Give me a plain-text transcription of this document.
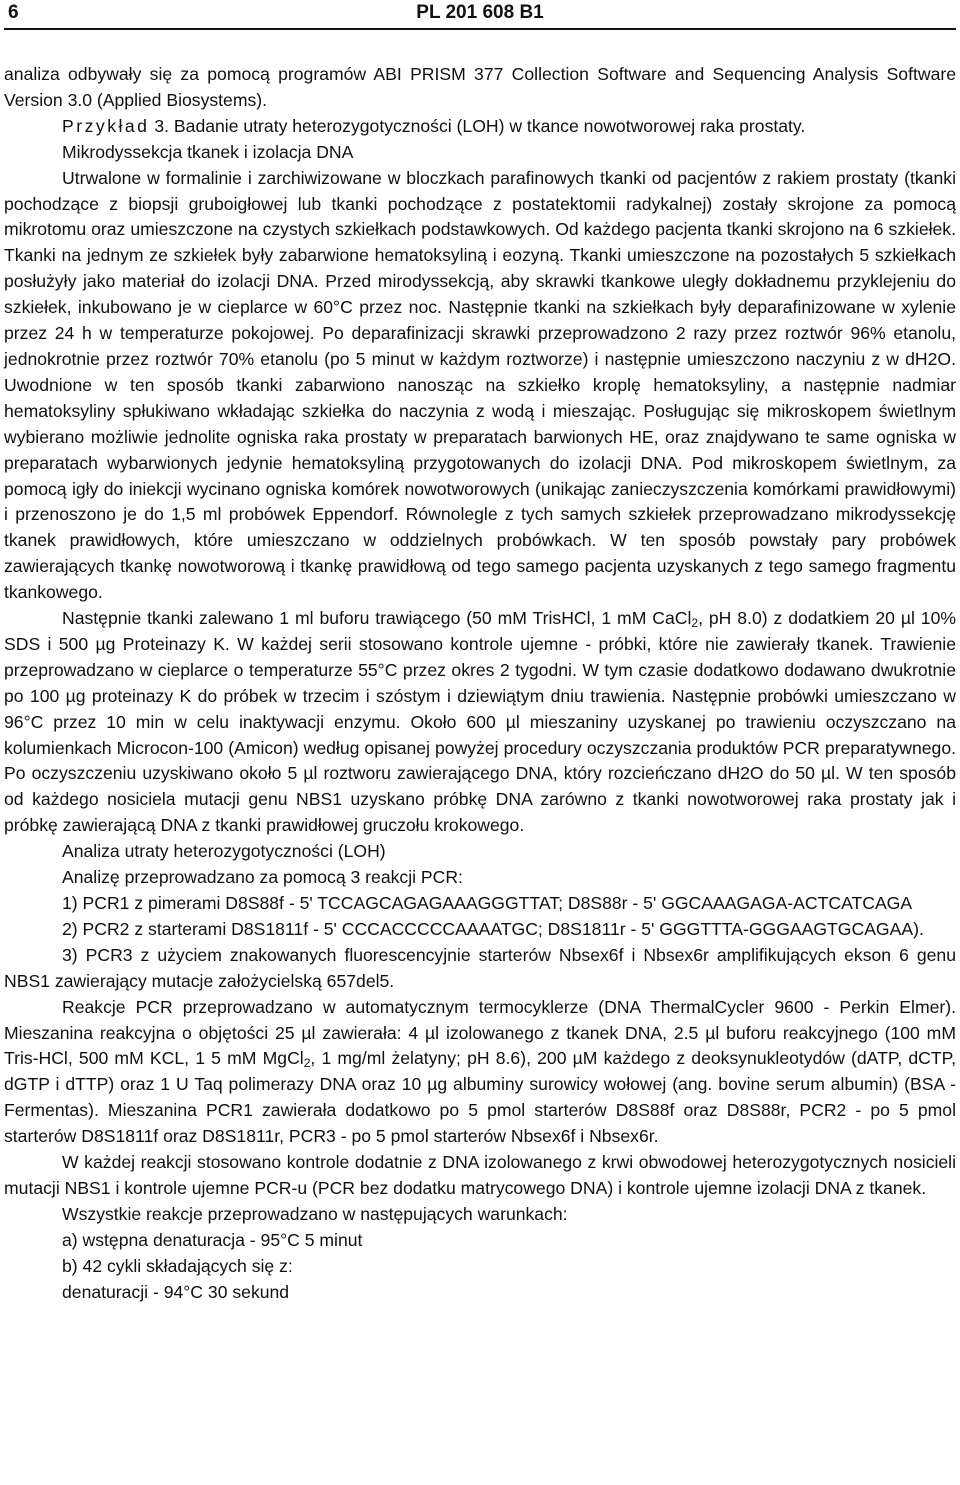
6	PL 201 608 B1

analiza odbywały się za pomocą programów ABI PRISM 377 Collection Software and Sequencing Analysis Software Version 3.0 (Applied Biosystems).

Przykład 3. Badanie utraty heterozygotyczności (LOH) w tkance nowotworowej raka prostaty.

Mikrodyssekcja tkanek i izolacja DNA

Utrwalone w formalinie i zarchiwizowane w bloczkach parafinowych tkanki od pacjentów z rakiem prostaty (tkanki pochodzące z biopsji gruboigłowej lub tkanki pochodzące z postatektomii radykalnej) zostały skrojone za pomocą mikrotomu oraz umieszczone na czystych szkiełkach podstawkowych. Od każdego pacjenta tkanki skrojono na 6 szkiełek. Tkanki na jednym ze szkiełek były zabarwione hematoksyliną i eozyną. Tkanki umieszczone na pozostałych 5 szkiełkach posłużyły jako materiał do izolacji DNA. Przed mirodyssekcją, aby skrawki tkankowe uległy dokładnemu przyklejeniu do szkiełek, inkubowano je w cieplarce w 60°C przez noc. Następnie tkanki na szkiełkach były deparafinizowane w xylenie przez 24 h w temperaturze pokojowej. Po deparafinizacji skrawki przeprowadzono 2 razy przez roztwór 96% etanolu, jednokrotnie przez roztwór 70% etanolu (po 5 minut w każdym roztworze) i następnie umieszczono naczyniu z w dH2O. Uwodnione w ten sposób tkanki zabarwiono nanosząc na szkiełko kroplę hematoksyliny, a następnie nadmiar hematoksyliny spłukiwano wkładając szkiełka do naczynia z wodą i mieszając. Posługując się mikroskopem świetlnym wybierano możliwie jednolite ogniska raka prostaty w preparatach barwionych HE, oraz znajdywano te same ogniska w preparatach wybarwionych jedynie hematoksyliną przygotowanych do izolacji DNA. Pod mikroskopem świetlnym, za pomocą igły do iniekcji wycinano ogniska komórek nowotworowych (unikając zanieczyszczenia komórkami prawidłowymi) i przenoszono je do 1,5 ml probówek Eppendorf. Równolegle z tych samych szkiełek przeprowadzano mikrodyssekcję tkanek prawidłowych, które umieszczano w oddzielnych probówkach. W ten sposób powstały pary probówek zawierających tkankę nowotworową i tkankę prawidłową od tego samego pacjenta uzyskanych z tego samego fragmentu tkankowego.

Następnie tkanki zalewano 1 ml buforu trawiącego (50 mM TrisHCl, 1 mM CaCl$_2$, pH 8.0) z dodatkiem 20 µl 10% SDS i 500 µg Proteinazy K. W każdej serii stosowano kontrole ujemne - próbki, które nie zawierały tkanek. Trawienie przeprowadzano w cieplarce o temperaturze 55°C przez okres 2 tygodni. W tym czasie dodatkowo dodawano dwukrotnie po 100 µg proteinazy K do próbek w trzecim i szóstym i dziewiątym dniu trawienia. Następnie probówki umieszczano w 96°C przez 10 min w celu inaktywacji enzymu. Około 600 µl mieszaniny uzyskanej po trawieniu oczyszczano na kolumienkach Microcon-100 (Amicon) według opisanej powyżej procedury oczyszczania produktów PCR preparatywnego. Po oczyszczeniu uzyskiwano około 5 µl roztworu zawierającego DNA, który rozcieńczano dH2O do 50 µl. W ten sposób od każdego nosiciela mutacji genu NBS1 uzyskano próbkę DNA zarówno z tkanki nowotworowej raka prostaty jak i próbkę zawierającą DNA z tkanki prawidłowej gruczołu krokowego.

Analiza utraty heterozygotyczności (LOH)

Analizę przeprowadzano za pomocą 3 reakcji PCR:

1) PCR1 z pimerami D8S88f - 5' TCCAGCAGAGAAAGGGTTAT; D8S88r - 5' GGCAAAGAGA-ACTCATCAGA

2) PCR2 z starterami D8S1811f - 5' CCCACCCCCAAAATGC; D8S1811r - 5' GGGTTTA-GGGAAGTGCAGAA).

3) PCR3 z użyciem znakowanych fluorescencyjnie starterów Nbsex6f i Nbsex6r amplifikujących ekson 6 genu NBS1 zawierający mutacje założycielską 657del5.

Reakcje PCR przeprowadzano w automatycznym termocyklerze (DNA ThermalCycler 9600 - Perkin Elmer). Mieszanina reakcyjna o objętości 25 µl zawierała: 4 µl izolowanego z tkanek DNA, 2.5 µl buforu reakcyjnego (100 mM Tris-HCl, 500 mM KCL, 1 5 mM MgCl$_2$, 1 mg/ml żelatyny; pH 8.6), 200 µM każdego z deoksynukleotydów (dATP, dCTP, dGTP i dTTP) oraz 1 U Taq polimerazy DNA oraz 10 µg albuminy surowicy wołowej (ang. bovine serum albumin) (BSA - Fermentas). Mieszanina PCR1 zawierała dodatkowo po 5 pmol starterów D8S88f oraz D8S88r, PCR2 - po 5 pmol starterów D8S1811f oraz D8S1811r, PCR3 - po 5 pmol starterów Nbsex6f i Nbsex6r.

W każdej reakcji stosowano kontrole dodatnie z DNA izolowanego z krwi obwodowej heterozygotycznych nosicieli mutacji NBS1 i kontrole ujemne PCR-u (PCR bez dodatku matrycowego DNA) i kontrole ujemne izolacji DNA z tkanek.

Wszystkie reakcje przeprowadzano w następujących warunkach:

a) wstępna denaturacja - 95°C 5 minut

b) 42 cykli składających się z:

denaturacji - 94°C 30 sekund
